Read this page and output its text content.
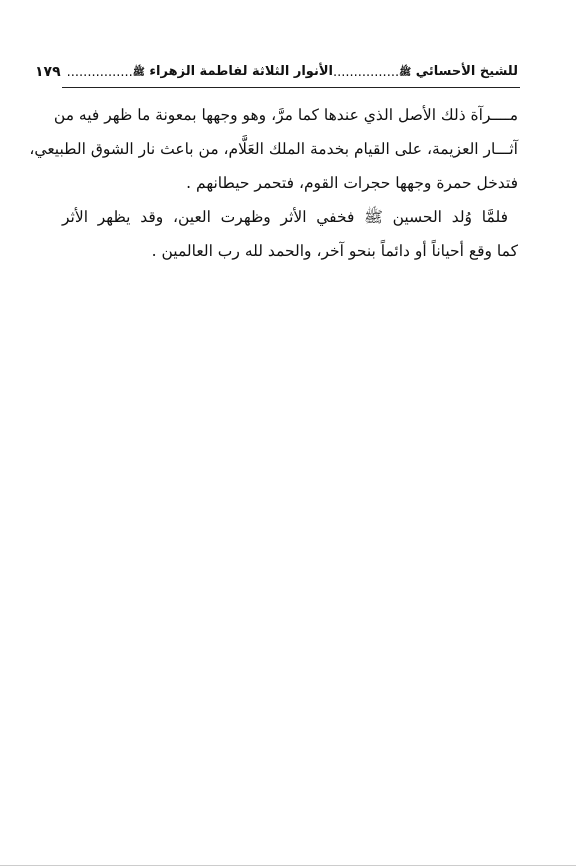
للشيخ الأحسائي ﷺ
................
الأنوار الثلاثة لفاطمة الزهراء ﷺ
................
١٧٩

مــــرآة ذلك الأصل الذي عندها كما مرَّ، وهو وجهها بمعونة ما ظهر فيه من
آثـــار العزيمة، على القيام بخدمة الملك العَلَّام، من باعث نار الشوق الطبيعي،
فتدخل حمرة وجهها حجرات القوم، فتحمر حيطانهم .

فلمَّا وُلد الحسين ﷺ فخفي الأثر وظهرت العين، وقد يظهر الأثر
كما وقع أحياناً أو دائماً بنحو آخر، والحمد لله رب العالمين .
